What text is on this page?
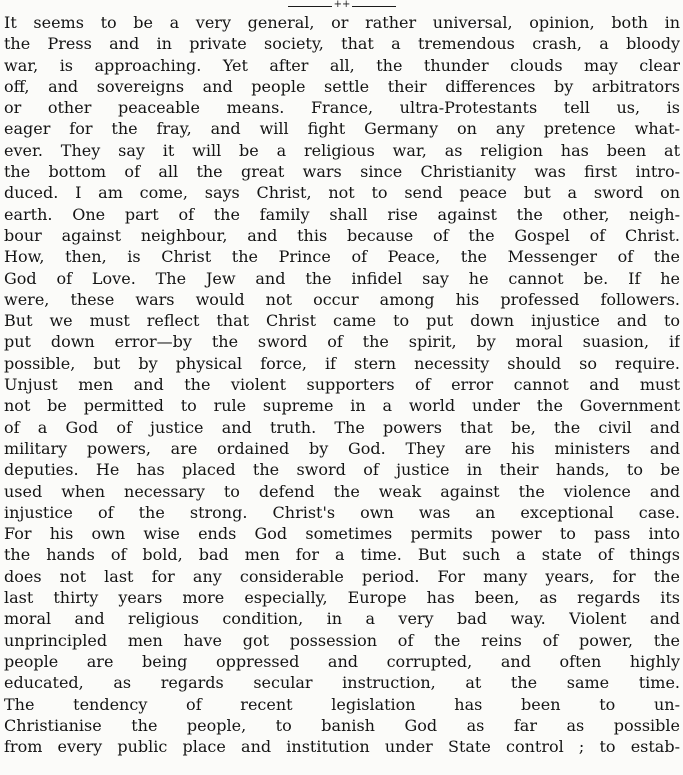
++
It seems to be a very general, or rather universal, opinion, both in
the Press and in private society, that a tremendous crash, a bloody
war, is approaching. Yet after all, the thunder clouds may clear
off, and sovereigns and people settle their differences by arbitrators
or other peaceable means. France, ultra-Protestants tell us, is
eager for the fray, and will fight Germany on any pretence what-
ever. They say it will be a religious war, as religion has been at
the bottom of all the great wars since Christianity was first intro-
duced. I am come, says Christ, not to send peace but a sword on
earth. One part of the family shall rise against the other, neigh-
bour against neighbour, and this because of the Gospel of Christ.
How, then, is Christ the Prince of Peace, the Messenger of the
God of Love. The Jew and the infidel say he cannot be. If he
were, these wars would not occur among his professed followers.
But we must reflect that Christ came to put down injustice and to
put down error—by the sword of the spirit, by moral suasion, if
possible, but by physical force, if stern necessity should so require.
Unjust men and the violent supporters of error cannot and must
not be permitted to rule supreme in a world under the Government
of a God of justice and truth. The powers that be, the civil and
military powers, are ordained by God. They are his ministers and
deputies. He has placed the sword of justice in their hands, to be
used when necessary to defend the weak against the violence and
injustice of the strong. Christ's own was an exceptional case.
For his own wise ends God sometimes permits power to pass into
the hands of bold, bad men for a time. But such a state of things
does not last for any considerable period. For many years, for the
last thirty years more especially, Europe has been, as regards its
moral and religious condition, in a very bad way. Violent and
unprincipled men have got possession of the reins of power, the
people are being oppressed and corrupted, and often highly
educated, as regards secular instruction, at the same time.
The tendency of recent legislation has been to un-
Christianise the people, to banish God as far as possible
from every public place and institution under State control ; to estab-
